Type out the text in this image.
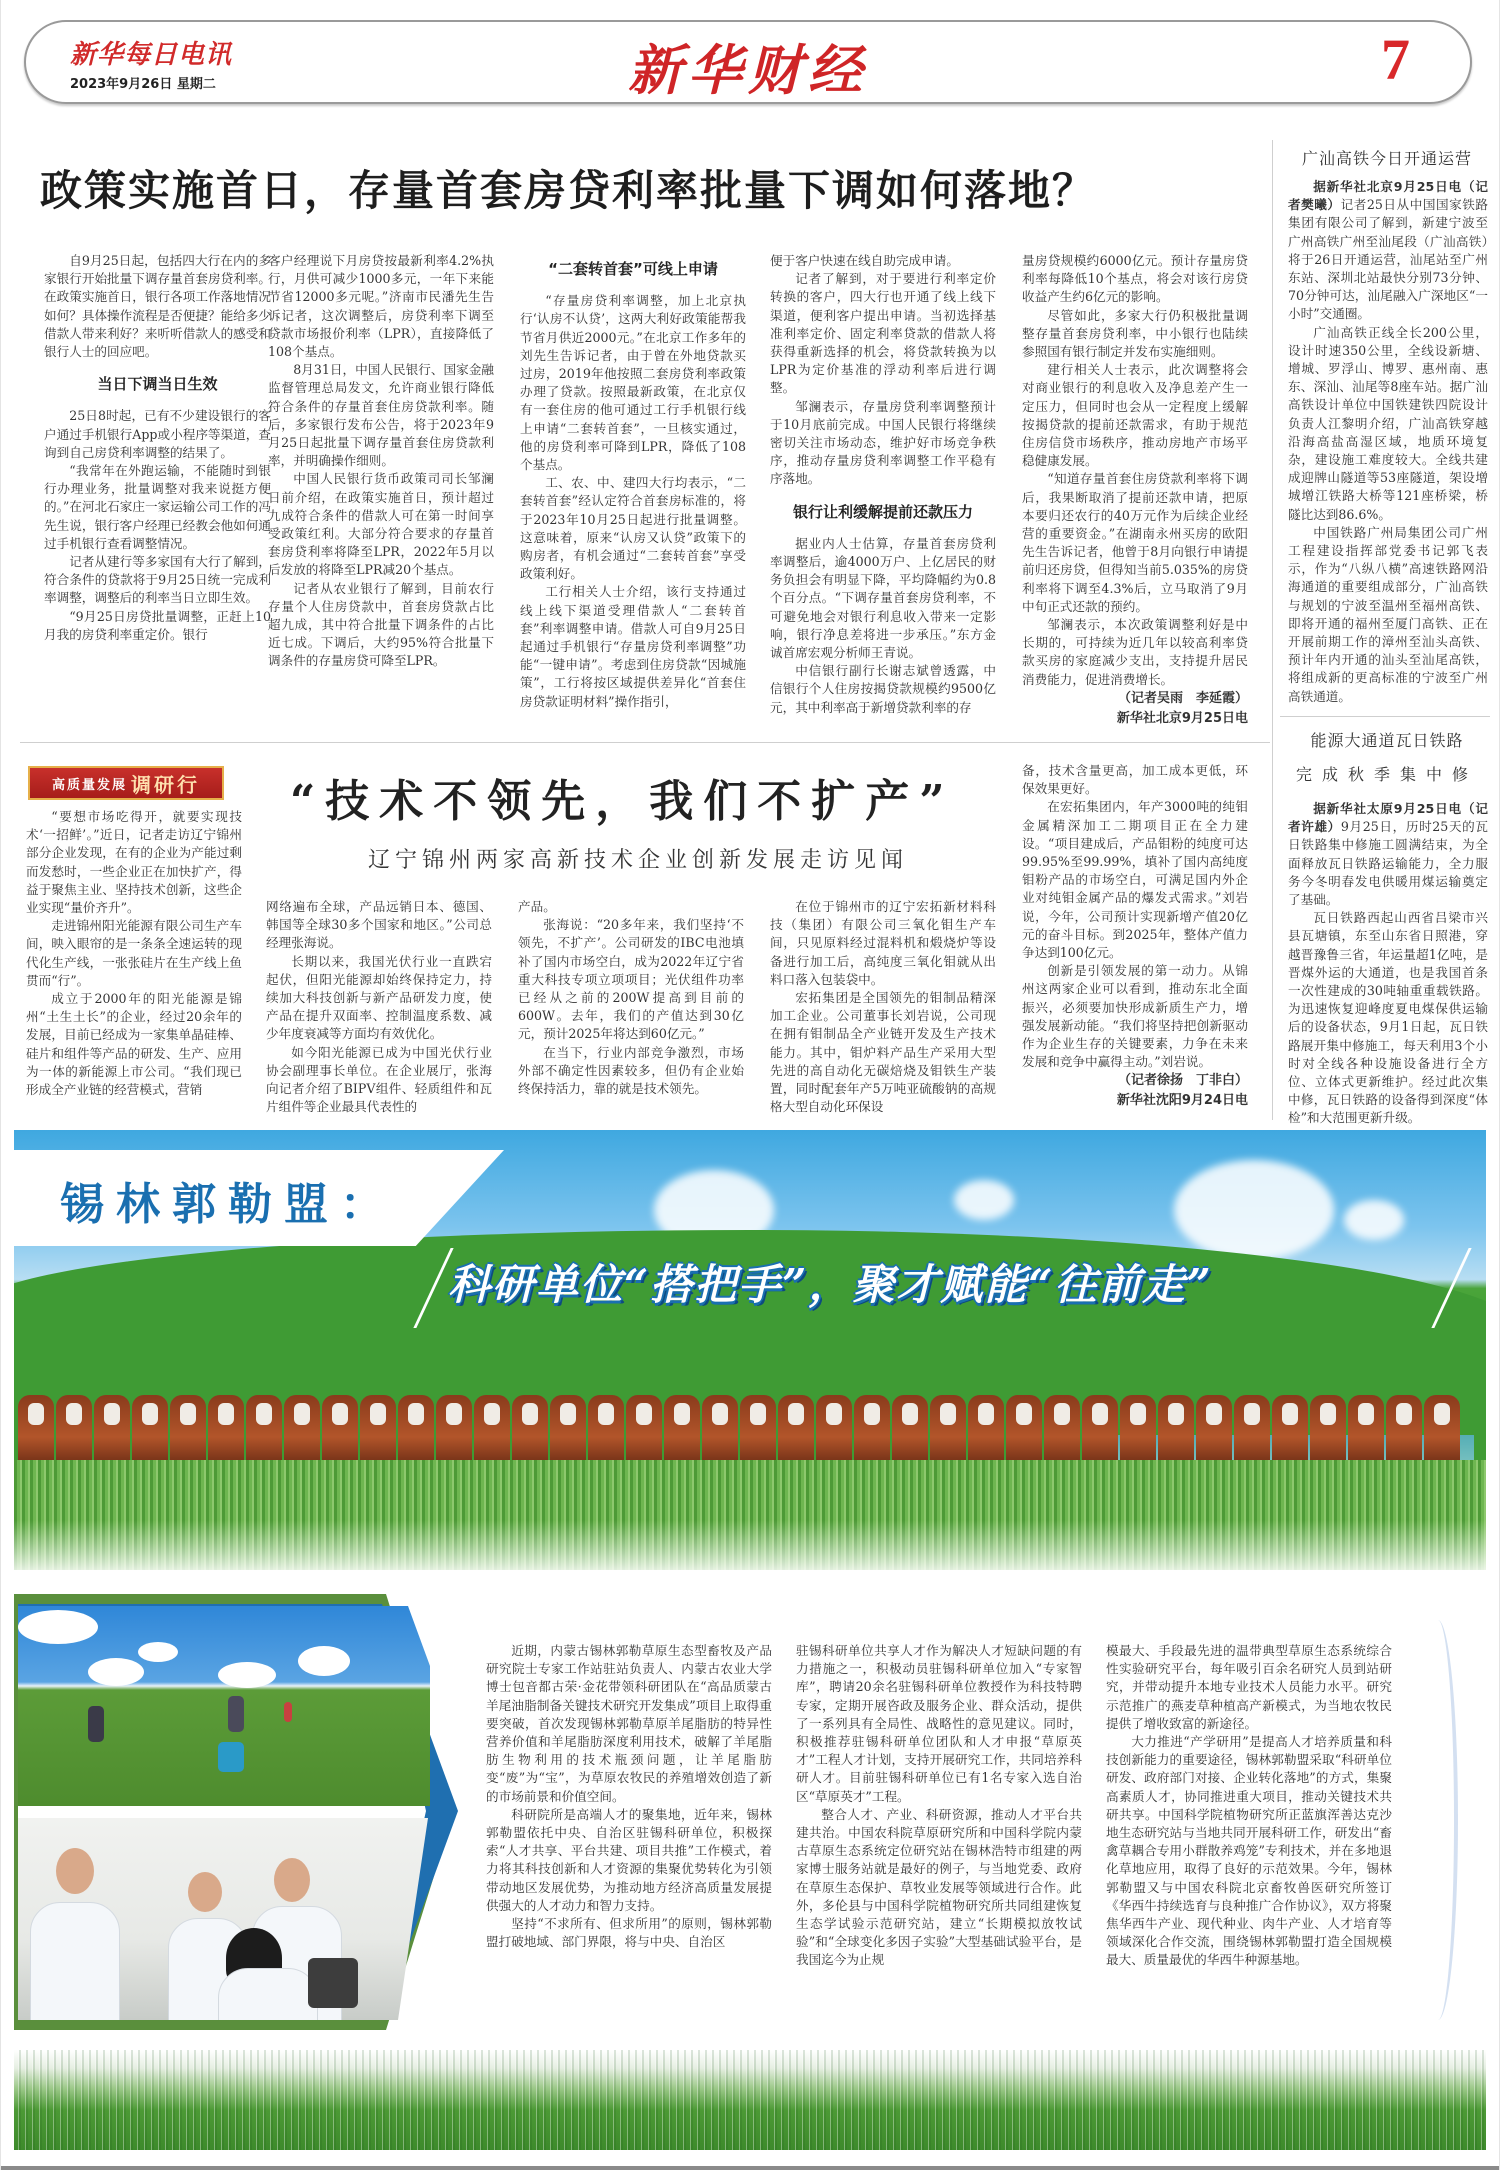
新华每日电讯
2023年9月26日 星期二	新华财经	7
政策实施首日，存量首套房贷利率批量下调如何落地？

自9月25日起，包括四大行在内的多家银行开始批量下调存量首套房贷利率。在政策实施首日，银行各项工作落地情况如何？具体操作流程是否便捷？能给多少借款人带来利好？来听听借款人的感受和银行人士的回应吧。

当日下调当日生效

25日8时起，已有不少建设银行的客户通过手机银行App或小程序等渠道，查询到自己房贷利率调整的结果了。

“我常年在外跑运输，不能随时到银行办理业务，批量调整对我来说挺方便的。”在河北石家庄一家运输公司工作的冯先生说，银行客户经理已经教会他如何通过手机银行查看调整情况。

记者从建行等多家国有大行了解到，符合条件的贷款将于9月25日统一完成利率调整，调整后的利率当日立即生效。

“9月25日房贷批量调整，正赶上10月我的房贷利率重定价。银行

客户经理说下月房贷按最新利率4.2%执行，月供可减少1000多元，一年下来能节省12000多元呢。”济南市民潘先生告诉记者，这次调整后，房贷利率下调至贷款市场报价利率（LPR），直接降低了108个基点。

8月31日，中国人民银行、国家金融监督管理总局发文，允许商业银行降低符合条件的存量首套住房贷款利率。随后，多家银行发布公告，将于2023年9月25日起批量下调存量首套住房贷款利率，并明确操作细则。

中国人民银行货币政策司司长邹澜日前介绍，在政策实施首日，预计超过九成符合条件的借款人可在第一时间享受政策红利。大部分符合要求的存量首套房贷利率将降至LPR，2022年5月以后发放的将降至LPR减20个基点。

记者从农业银行了解到，目前农行存量个人住房贷款中，首套房贷款占比超九成，其中符合批量下调条件的占比近七成。下调后，大约95%符合批量下调条件的存量房贷可降至LPR。

“二套转首套”可线上申请

“存量房贷利率调整，加上北京执行‘认房不认贷’，这两大利好政策能帮我节省月供近2000元。”在北京工作多年的刘先生告诉记者，由于曾在外地贷款买过房，2019年他按照二套房贷利率政策办理了贷款。按照最新政策，在北京仅有一套住房的他可通过工行手机银行线上申请“二套转首套”，一旦核实通过，他的房贷利率可降到LPR，降低了108个基点。

工、农、中、建四大行均表示，“二套转首套”经认定符合首套房标准的，将于2023年10月25日起进行批量调整。这意味着，原来“认房又认贷”政策下的购房者，有机会通过“二套转首套”享受政策利好。

工行相关人士介绍，该行支持通过线上线下渠道受理借款人“二套转首套”利率调整申请。借款人可自9月25日起通过手机银行“存量房贷利率调整”功能“一键申请”。考虑到住房贷款“因城施策”，工行将按区域提供差异化“首套住房贷款证明材料”操作指引，

便于客户快速在线自助完成申请。

记者了解到，对于要进行利率定价转换的客户，四大行也开通了线上线下渠道，便利客户提出申请。当初选择基准利率定价、固定利率贷款的借款人将获得重新选择的机会，将贷款转换为以LPR为定价基准的浮动利率后进行调整。

邹澜表示，存量房贷利率调整预计于10月底前完成。中国人民银行将继续密切关注市场动态，维护好市场竞争秩序，推动存量房贷利率调整工作平稳有序落地。

银行让利缓解提前还款压力

据业内人士估算，存量首套房贷利率调整后，逾4000万户、上亿居民的财务负担会有明显下降，平均降幅约为0.8个百分点。“下调存量首套房贷利率，不可避免地会对银行利息收入带来一定影响，银行净息差将进一步承压。”东方金诚首席宏观分析师王青说。

中信银行副行长谢志斌曾透露，中信银行个人住房按揭贷款规模约9500亿元，其中利率高于新增贷款利率的存

量房贷规模约6000亿元。预计存量房贷利率每降低10个基点，将会对该行房贷收益产生约6亿元的影响。

尽管如此，多家大行仍积极批量调整存量首套房贷利率，中小银行也陆续参照国有银行制定并发布实施细则。

建行相关人士表示，此次调整将会对商业银行的利息收入及净息差产生一定压力，但同时也会从一定程度上缓解按揭贷款的提前还款需求，有助于规范住房信贷市场秩序，推动房地产市场平稳健康发展。

“知道存量首套住房贷款利率将下调后，我果断取消了提前还款申请，把原本要归还农行的40万元作为后续企业经营的重要资金。”在湖南永州买房的欧阳先生告诉记者，他曾于8月向银行申请提前归还房贷，但得知当前5.035%的房贷利率将下调至4.3%后，立马取消了9月中旬正式还款的预约。

邹澜表示，本次政策调整利好是中长期的，可持续为近几年以较高利率贷款买房的家庭减少支出，支持提升居民消费能力，促进消费增长。

（记者吴雨　李延霞）

新华社北京9月25日电

广汕高铁今日开通运营

据新华社北京9月25日电（记者樊曦）记者25日从中国国家铁路集团有限公司了解到，新建宁波至广州高铁广州至汕尾段（广汕高铁）将于26日开通运营，汕尾站至广州东站、深圳北站最快分别73分钟、70分钟可达，汕尾融入广深地区“一小时”交通圈。

广汕高铁正线全长200公里，设计时速350公里，全线设新塘、增城、罗浮山、博罗、惠州南、惠东、深汕、汕尾等8座车站。据广汕高铁设计单位中国铁建铁四院设计负责人江黎明介绍，广汕高铁穿越沿海高盐高湿区域，地质环境复杂，建设施工难度较大。全线共建成迎牌山隧道等53座隧道，架设增城增江铁路大桥等121座桥梁，桥隧比达到86.6%。

中国铁路广州局集团公司广州工程建设指挥部党委书记郭飞表示，作为“八纵八横”高速铁路网沿海通道的重要组成部分，广汕高铁与规划的宁波至温州至福州高铁、即将开通的福州至厦门高铁、正在开展前期工作的漳州至汕头高铁、预计年内开通的汕头至汕尾高铁，将组成新的更高标准的宁波至广州高铁通道。

能源大通道瓦日铁路
完成秋季集中修

据新华社太原9月25日电（记者许雄）9月25日，历时25天的瓦日铁路集中修施工圆满结束，为全面释放瓦日铁路运输能力，全力服务今冬明春发电供暖用煤运输奠定了基础。

瓦日铁路西起山西省吕梁市兴县瓦塘镇，东至山东省日照港，穿越晋豫鲁三省，年运量超1亿吨，是晋煤外运的大通道，也是我国首条一次性建成的30吨轴重重载铁路。为迅速恢复迎峰度夏电煤保供运输后的设备状态，9月1日起，瓦日铁路展开集中修施工，每天利用3个小时对全线各种设施设备进行全方位、立体式更新维护。经过此次集中修，瓦日铁路的设备得到深度“体检”和大范围更新升级。

高质量发展 调研行 “技术不领先，我们不扩产”
辽宁锦州两家高新技术企业创新发展走访见闻

“要想市场吃得开，就要实现技术‘一招鲜’。”近日，记者走访辽宁锦州部分企业发现，在有的企业为产能过剩而发愁时，一些企业正在加快扩产，得益于聚焦主业、坚持技术创新，这些企业实现“量价齐升”。

走进锦州阳光能源有限公司生产车间，映入眼帘的是一条条全速运转的现代化生产线，一张张硅片在生产线上鱼贯而“行”。

成立于2000年的阳光能源是锦州“土生土长”的企业，经过20余年的发展，目前已经成为一家集单晶硅棒、硅片和组件等产品的研发、生产、应用为一体的新能源上市公司。“我们现已形成全产业链的经营模式，营销

网络遍布全球，产品远销日本、德国、韩国等全球30多个国家和地区。”公司总经理张海说。

长期以来，我国光伏行业一直跌宕起伏，但阳光能源却始终保持定力，持续加大科技创新与新产品研发力度，使产品在提升双面率、控制温度系数、减少年度衰减等方面均有效优化。

如今阳光能源已成为中国光伏行业协会副理事长单位。在企业展厅，张海向记者介绍了BIPV组件、轻质组件和瓦片组件等企业最具代表性的

产品。

张海说：“20多年来，我们坚持‘不领先，不扩产’。公司研发的IBC电池填补了国内市场空白，成为2022年辽宁省重大科技专项立项项目；光伏组件功率已经从之前的200W提高到目前的600W。去年，我们的产值达到30亿元，预计2025年将达到60亿元。”

在当下，行业内部竞争激烈，市场外部不确定性因素较多，但仍有企业始终保持活力，靠的就是技术领先。

在位于锦州市的辽宁宏拓新材料科技（集团）有限公司三氧化钼生产车间，只见原料经过混料机和煅烧炉等设备进行加工后，高纯度三氧化钼就从出料口落入包装袋中。

宏拓集团是全国领先的钼制品精深加工企业。公司董事长刘岩说，公司现在拥有钼制品全产业链开发及生产技术能力。其中，钼炉料产品生产采用大型先进的高自动化无碳焙烧及钼铁生产装置，同时配套年产5万吨亚硫酸钠的高规格大型自动化环保设

备，技术含量更高，加工成本更低，环保效果更好。

在宏拓集团内，年产3000吨的纯钼金属精深加工二期项目正在全力建设。“项目建成后，产品钼粉的纯度可达99.95%至99.99%，填补了国内高纯度钼粉产品的市场空白，可满足国内外企业对纯钼金属产品的爆发式需求。”刘岩说，今年，公司预计实现新增产值20亿元的奋斗目标。到2025年，整体产值力争达到100亿元。

创新是引领发展的第一动力。从锦州这两家企业可以看到，推动东北全面振兴，必须要加快形成新质生产力，增强发展新动能。“我们将坚持把创新驱动作为企业生存的关键要素，力争在未来发展和竞争中赢得主动。”刘岩说。

（记者徐扬　丁非白）

新华社沈阳9月24日电

锡林郭勒盟：
科研单位“搭把手”，聚才赋能“往前走”

近期，内蒙古锡林郭勒草原生态型畜牧及产品研究院士专家工作站驻站负责人、内蒙古农业大学博士包音都古荣·金花带领科研团队在“高品质蒙古羊尾油脂制备关键技术研究开发集成”项目上取得重要突破，首次发现锡林郭勒草原羊尾脂肪的特异性营养价值和羊尾脂肪深度利用技术，破解了羊尾脂肪生物利用的技术瓶颈问题，让羊尾脂肪变“废”为“宝”，为草原农牧民的养殖增效创造了新的市场前景和价值空间。

科研院所是高端人才的聚集地，近年来，锡林郭勒盟依托中央、自治区驻锡科研单位，积极探索“人才共享、平台共建、项目共推”工作模式，着力将其科技创新和人才资源的集聚优势转化为引领带动地区发展优势，为推动地方经济高质量发展提供强大的人才动力和智力支持。

坚持“不求所有、但求所用”的原则，锡林郭勒盟打破地域、部门界限，将与中央、自治区

驻锡科研单位共享人才作为解决人才短缺问题的有力措施之一，积极动员驻锡科研单位加入“专家智库”，聘请20余名驻锡科研单位教授作为科技特聘专家，定期开展咨政及服务企业、群众活动，提供了一系列具有全局性、战略性的意见建议。同时，积极推荐驻锡科研单位团队和人才申报“草原英才”工程人才计划，支持开展研究工作，共同培养科研人才。目前驻锡科研单位已有1名专家入选自治区“草原英才”工程。

整合人才、产业、科研资源，推动人才平台共建共治。中国农科院草原研究所和中国科学院内蒙古草原生态系统定位研究站在锡林浩特市组建的两家博士服务站就是最好的例子，与当地党委、政府在草原生态保护、草牧业发展等领域进行合作。此外，多伦县与中国科学院植物研究所共同组建恢复生态学试验示范研究站，建立“长期模拟放牧试验”和“全球变化多因子实验”大型基础试验平台，是我国迄今为止规

模最大、手段最先进的温带典型草原生态系统综合性实验研究平台，每年吸引百余名研究人员到站研究，并带动提升本地专业技术人员能力水平。研究示范推广的燕麦草种植高产新模式，为当地农牧民提供了增收致富的新途径。

大力推进“产学研用”是提高人才培养质量和科技创新能力的重要途径，锡林郭勒盟采取“科研单位研发、政府部门对接、企业转化落地”的方式，集聚高素质人才，协同推进重大项目，推动关键技术共研共享。中国科学院植物研究所正蓝旗浑善达克沙地生态研究站与当地共同开展科研工作，研发出“畜禽草耦合专用小群散养鸡笼”专利技术，并在多地退化草地应用，取得了良好的示范效果。今年，锡林郭勒盟又与中国农科院北京畜牧兽医研究所签订《华西牛持续选育与良种推广合作协议》，双方将聚焦华西牛产业、现代种业、肉牛产业、人才培育等领域深化合作交流，围绕锡林郭勒盟打造全国规模最大、质量最优的华西牛种源基地。
